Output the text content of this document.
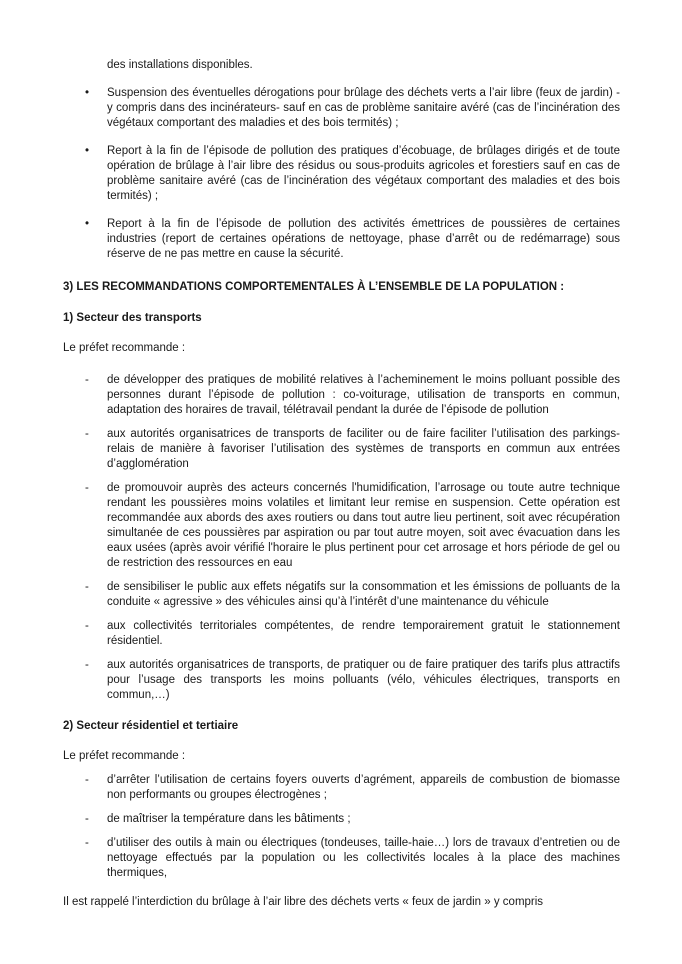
des installations disponibles.

•	Suspension des éventuelles dérogations pour brûlage des déchets verts a l’air libre (feux de jardin) -y compris dans des incinérateurs- sauf en cas de problème sanitaire avéré (cas de l’incinération des végétaux comportant des maladies et des bois termités) ;
•	Report à la fin de l’épisode de pollution des pratiques d’écobuage, de brûlages dirigés et de toute opération de brûlage à l’air libre des résidus ou sous-produits agricoles et forestiers sauf en cas de problème sanitaire avéré (cas de l’incinération des végétaux comportant des maladies et des bois termités) ;
•	Report à la fin de l’épisode de pollution des activités émettrices de poussières de certaines industries (report de certaines opérations de nettoyage, phase d’arrêt ou de redémarrage) sous réserve de ne pas mettre en cause la sécurité.
3) LES RECOMMANDATIONS COMPORTEMENTALES À L’ENSEMBLE DE LA POPULATION :
1) Secteur des transports

Le préfet recommande :

-	de développer des pratiques de mobilité relatives à l’acheminement le moins polluant possible des personnes durant l’épisode de pollution : co-voiturage, utilisation de transports en commun, adaptation des horaires de travail, télétravail pendant la durée de l’épisode de pollution
-	aux autorités organisatrices de transports de faciliter ou de faire faciliter l’utilisation des parkings-relais de manière à favoriser l’utilisation des systèmes de transports en commun aux entrées d’agglomération
-	de promouvoir auprès des acteurs concernés l'humidification, l’arrosage ou toute autre technique rendant les poussières moins volatiles et limitant leur remise en suspension. Cette opération est recommandée aux abords des axes routiers ou dans tout autre lieu pertinent, soit avec récupération simultanée de ces poussières par aspiration ou par tout autre moyen, soit avec évacuation dans les eaux usées (après avoir vérifié l'horaire le plus pertinent pour cet arrosage et hors période de gel ou de restriction des ressources en eau
-	de sensibiliser le public aux effets négatifs sur la consommation et les émissions de polluants de la conduite « agressive » des véhicules ainsi qu’à l’intérêt d’une maintenance du véhicule
-	aux collectivités territoriales compétentes, de rendre temporairement gratuit le stationnement résidentiel.
-	aux autorités organisatrices de transports, de pratiquer ou de faire pratiquer des tarifs plus attractifs pour l’usage des transports les moins polluants (vélo, véhicules électriques, transports en commun,…)
2) Secteur résidentiel et tertiaire

Le préfet recommande :

-	d’arrêter l’utilisation de certains foyers ouverts d’agrément, appareils de combustion de biomasse non performants ou groupes électrogènes ;
-	de maîtriser la température dans les bâtiments ;
-	d’utiliser des outils à main ou électriques (tondeuses, taille-haie…) lors de travaux d’entretien ou de nettoyage effectués par la population ou les collectivités locales à la place des machines thermiques,

Il est rappelé l’interdiction du brûlage à l’air libre des déchets verts « feux de jardin » y compris
